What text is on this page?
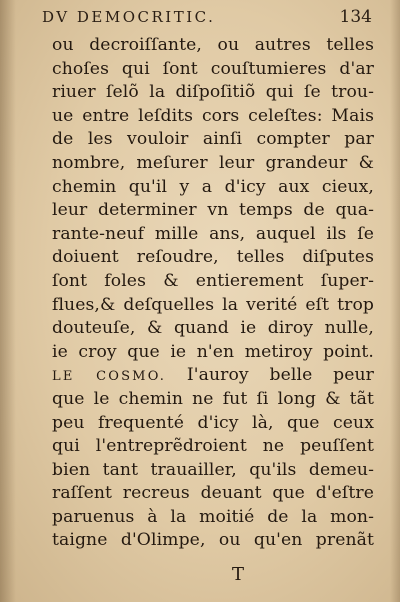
DV DEMOCRITIC.	134
ou decroiſſante, ou autres telles
choſes qui ſont couſtumieres d'ar
riuer ſelõ la diſpoſitiõ qui ſe trou-
ue entre leſdits cors celeſtes: Mais
de les vouloir ainſi compter par
nombre, meſurer leur grandeur &
chemin qu'il y a d'icy aux cieux,
leur determiner vn temps de qua-
rante-neuf mille ans, auquel ils ſe
doiuent reſoudre, telles diſputes
ſont foles & entierement ſuper-
flues,& deſquelles la verité eſt trop
douteuſe, & quand ie diroy nulle,
ie croy que ie n'en metiroy point.
LE COSMO. I'auroy belle peur
que le chemin ne fut ſi long & tãt
peu frequenté d'icy là, que ceux
qui l'entreprẽdroient ne peuſſent
bien tant trauailler, qu'ils demeu-
raſſent recreus deuant que d'eſtre
paruenus à la moitié de la mon-
taigne d'Olimpe, ou qu'en prenãt
T
